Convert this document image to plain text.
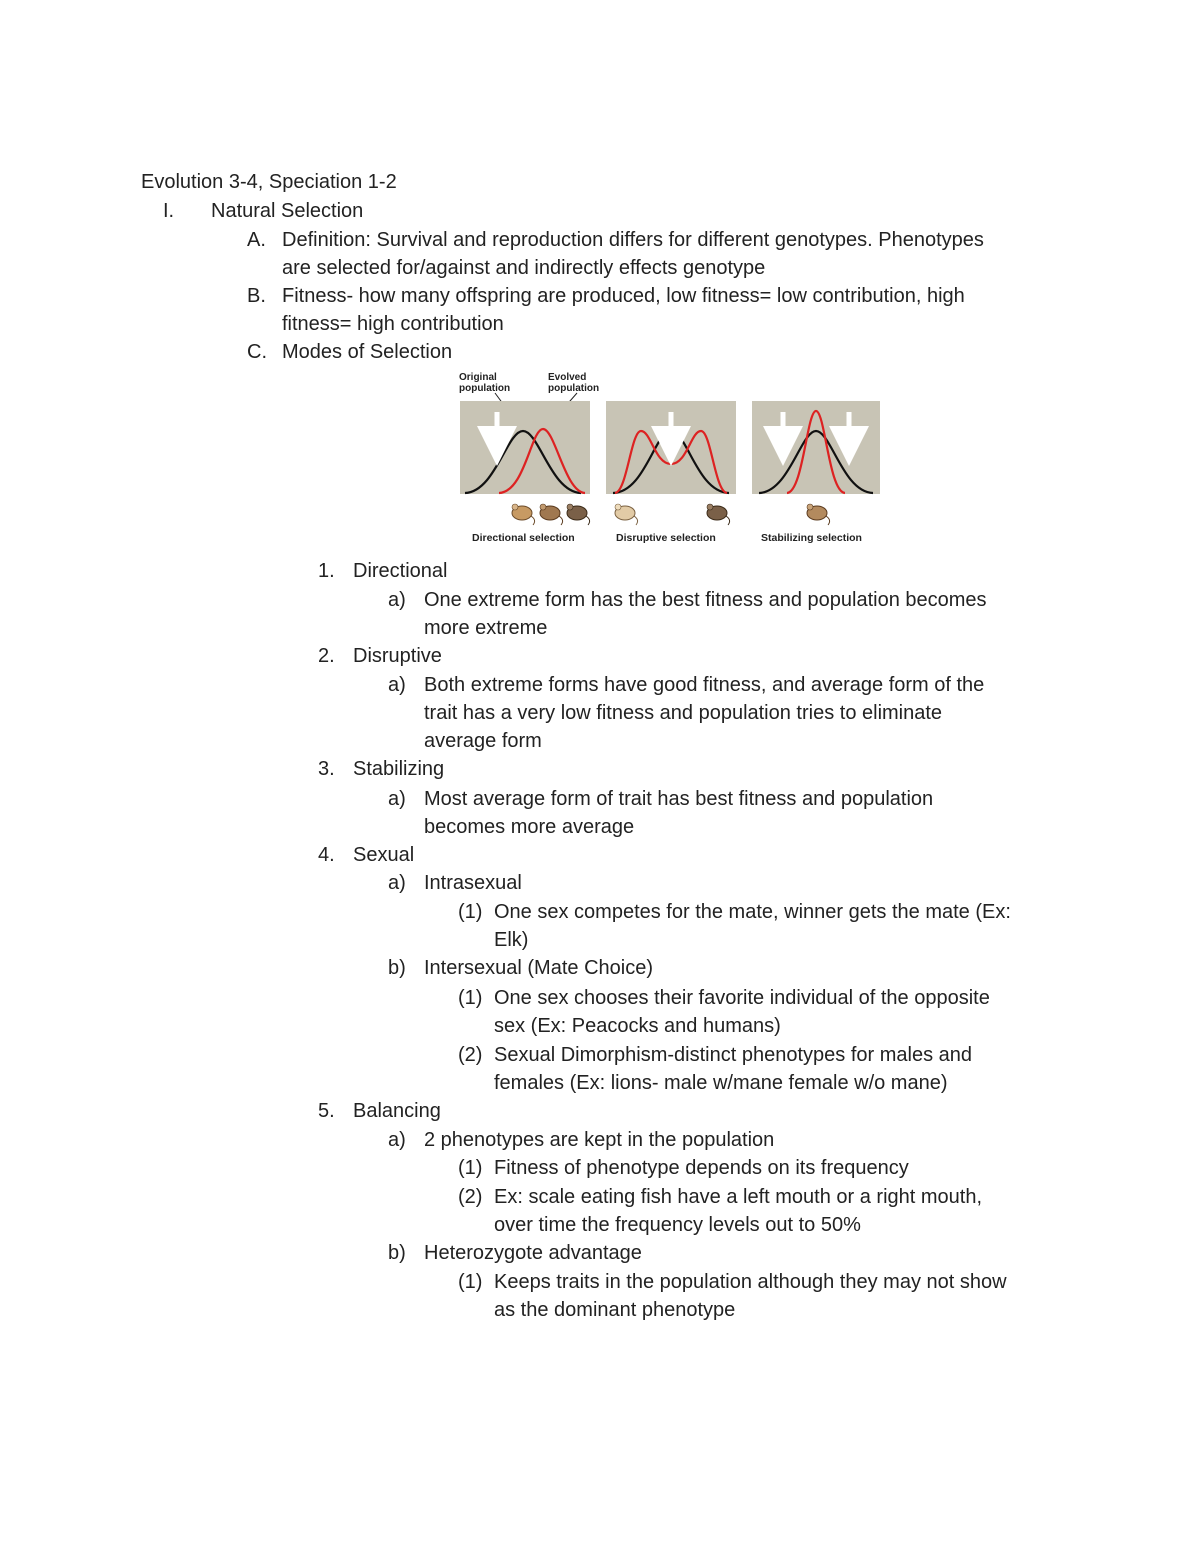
Evolution 3-4, Speciation 1-2
I. Natural Selection
A. Definition: Survival and reproduction differs for different genotypes. Phenotypes
are selected for/against and indirectly effects genotype
B. Fitness- how many offspring are produced, low fitness= low contribution, high
fitness= high contribution
C. Modes of Selection
Original
population
Evolved
population
Directional selection	Disruptive selection	Stabilizing selection
1. Directional
a) One extreme form has the best fitness and population becomes
more extreme
2. Disruptive
a) Both extreme forms have good fitness, and average form of the
trait has a very low fitness and population tries to eliminate
average form
3. Stabilizing
a) Most average form of trait has best fitness and population
becomes more average
4. Sexual
a) Intrasexual
(1) One sex competes for the mate, winner gets the mate (Ex:
Elk)
b) Intersexual (Mate Choice)
(1) One sex chooses their favorite individual of the opposite
sex (Ex: Peacocks and humans)
(2) Sexual Dimorphism-distinct phenotypes for males and
females (Ex: lions- male w/mane female w/o mane)
5. Balancing
a) 2 phenotypes are kept in the population
(1) Fitness of phenotype depends on its frequency
(2) Ex: scale eating fish have a left mouth or a right mouth,
over time the frequency levels out to 50%
b) Heterozygote advantage
(1) Keeps traits in the population although they may not show
as the dominant phenotype
